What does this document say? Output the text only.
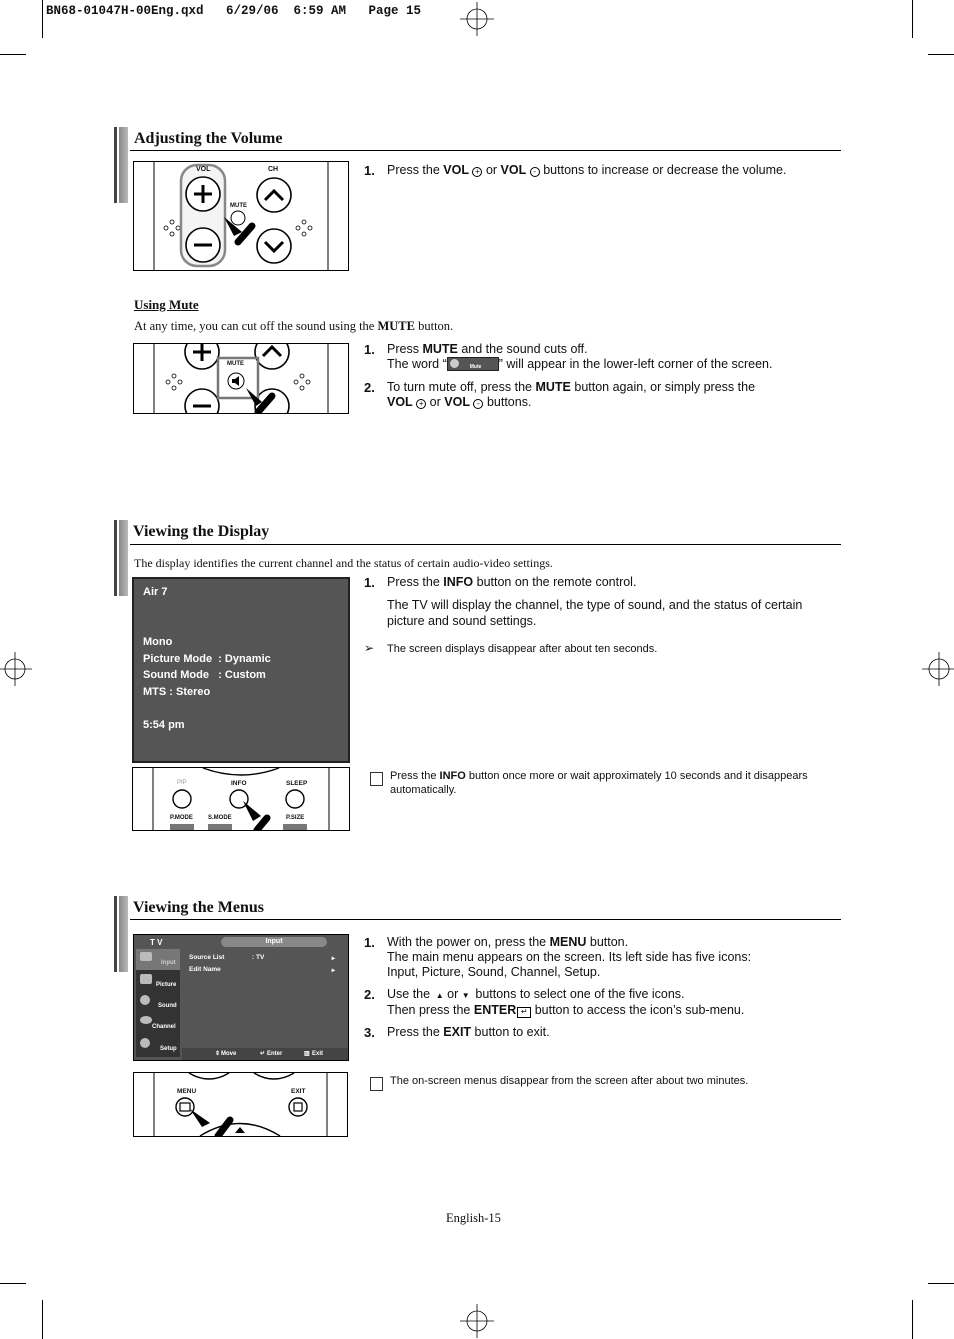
BN68-01047H-00Eng.qxd   6/29/06  6:59 AM   Page 15
Adjusting the Volume
VOL	CH
MUTE
1. Press the VOL + or VOL - buttons to increase or decrease the volume.
Using Mute
At any time, you can cut off the sound using the MUTE button.
MUTE
1. Press MUTE and the sound cuts off.
The word “	Mute ” will appear in the lower-left corner of the screen.
2. To turn mute off, press the MUTE button again, or simply press the
VOL + or VOL - buttons.
Viewing the Display
The display identifies the current channel and the status of certain audio-video settings.
Air 7
Mono
Picture Mode  : Dynamic
Sound Mode   : Custom
MTS : Stereo
5:54 pm
1. Press the INFO button on the remote control.
The TV will display the channel, the type of sound, and the status of certain picture and sound settings.
➢ The screen displays disappear after about ten seconds.
PIP	INFO	SLEEP
P.MODE	S.MODE	P.SIZE
Press the INFO button once more or wait approximately 10 seconds and it disappears automatically.
Viewing the Menus
T V	Input
Input
Picture
Sound
Channel
Setup
Source List	: TV	▸
Edit Name	▸
⇕ Move	↵ Enter	▥ Exit
1. With the power on, press the MENU button.
The main menu appears on the screen. Its left side has five icons:
Input, Picture, Sound, Channel, Setup.
2. Use the  ▲ or ▼  buttons to select one of the five icons.
Then press the ENTER ↵ button to access the icon’s sub-menu.
3. Press the EXIT button to exit.
MENU	EXIT
The on-screen menus disappear from the screen after about two minutes.
English-15
